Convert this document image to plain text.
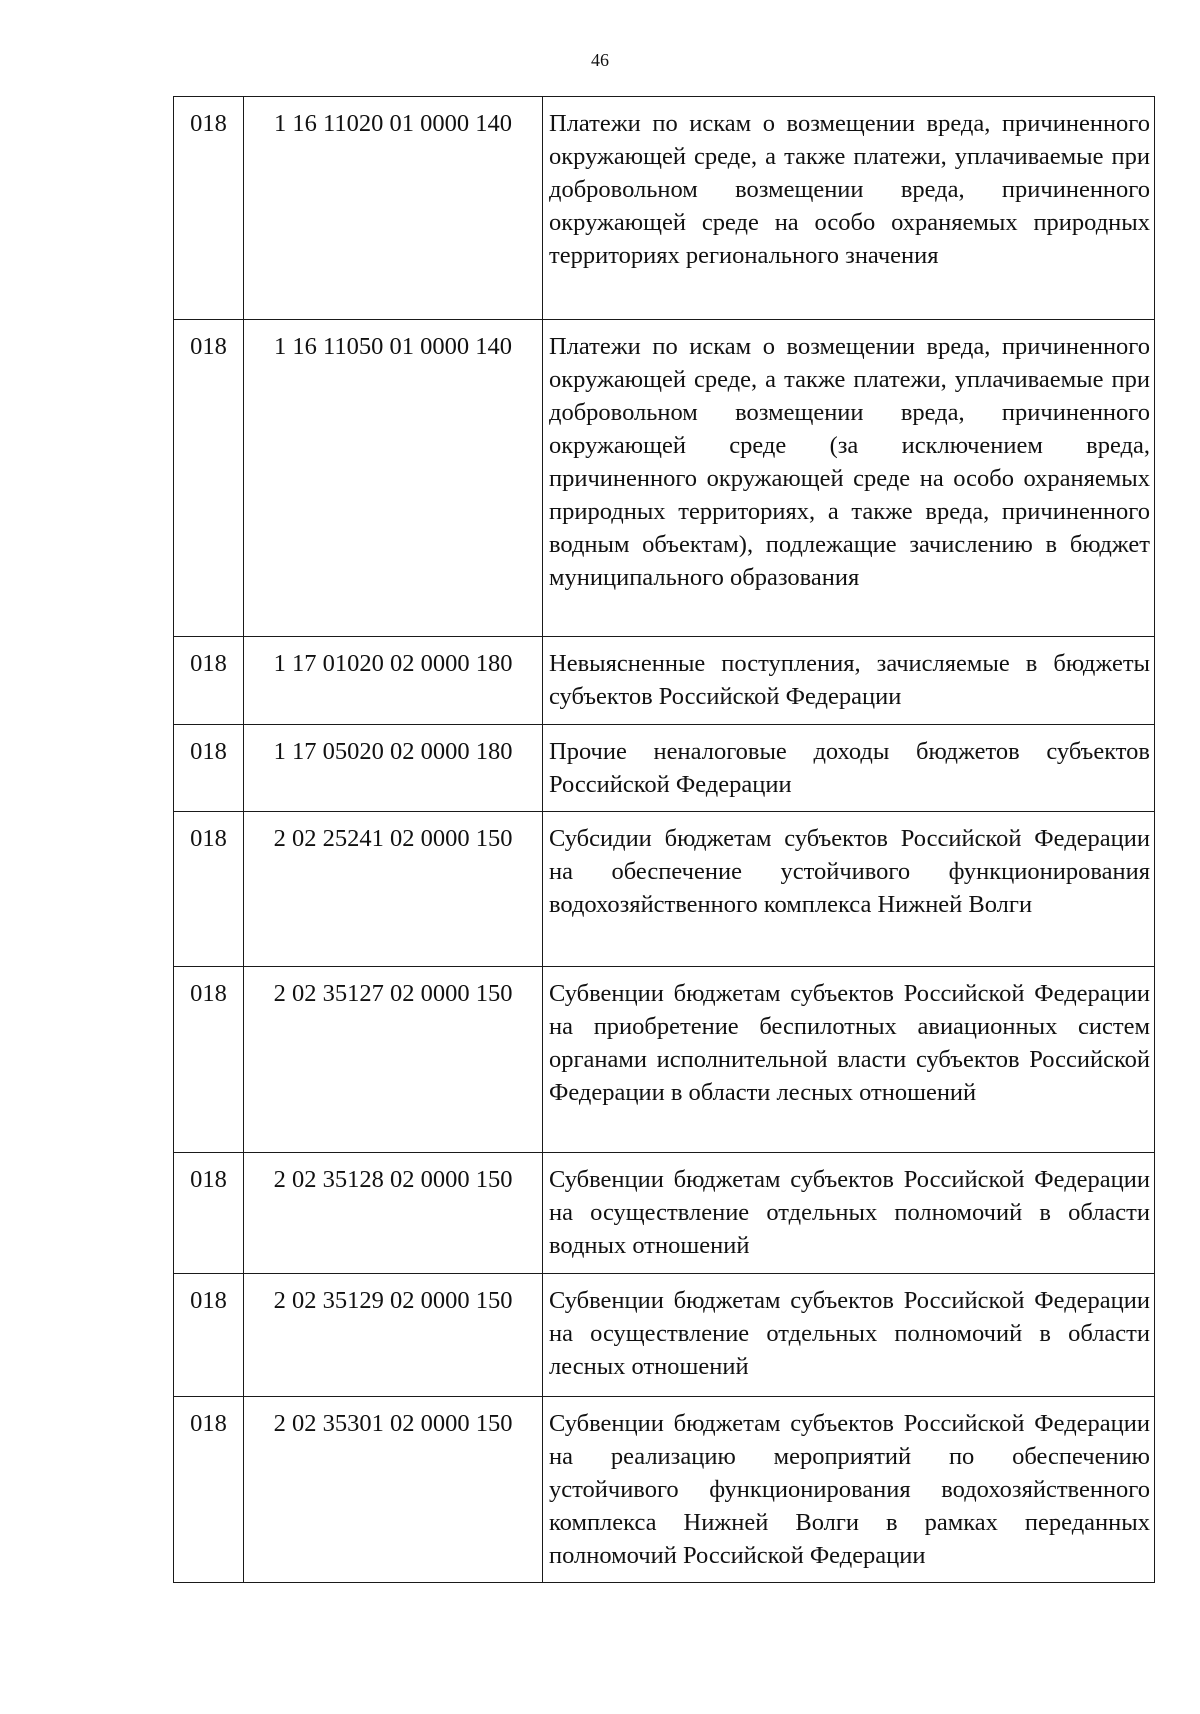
46
018	1 16 11020 01 0000 140	Платежи по искам о возмещении вреда, причиненного окружающей среде, а также платежи, уплачиваемые при добровольном возмещении вреда, причиненного окружающей среде на особо охраняемых природных территориях регионального значения
018	1 16 11050 01 0000 140	Платежи по искам о возмещении вреда, причиненного окружающей среде, а также платежи, уплачиваемые при добровольном возмещении вреда, причиненного окружающей среде (за исключением вреда, причиненного окружающей среде на особо охраняемых природных территориях, а также вреда, причиненного водным объектам), подлежащие зачислению в бюджет муниципального образования
018	1 17 01020 02 0000 180	Невыясненные поступления, зачисляемые в бюджеты субъектов Российской Федерации
018	1 17 05020 02 0000 180	Прочие неналоговые доходы бюджетов субъектов Российской Федерации
018	2 02 25241 02 0000 150	Субсидии бюджетам субъектов Российской Федерации на обеспечение устойчивого функционирования водохозяйственного комплекса Нижней Волги
018	2 02 35127 02 0000 150	Субвенции бюджетам субъектов Российской Федерации на приобретение беспилотных авиационных систем органами исполнительной власти субъектов Российской Федерации в области лесных отношений
018	2 02 35128 02 0000 150	Субвенции бюджетам субъектов Российской Федерации на осуществление отдельных полномочий в области водных отношений
018	2 02 35129 02 0000 150	Субвенции бюджетам субъектов Российской Федерации на осуществление отдельных полномочий в области лесных отношений
018	2 02 35301 02 0000 150	Субвенции бюджетам субъектов Российской Федерации на реализацию мероприятий по обеспечению устойчивого функционирования водохозяйственного комплекса Нижней Волги в рамках переданных полномочий Российской Федерации
